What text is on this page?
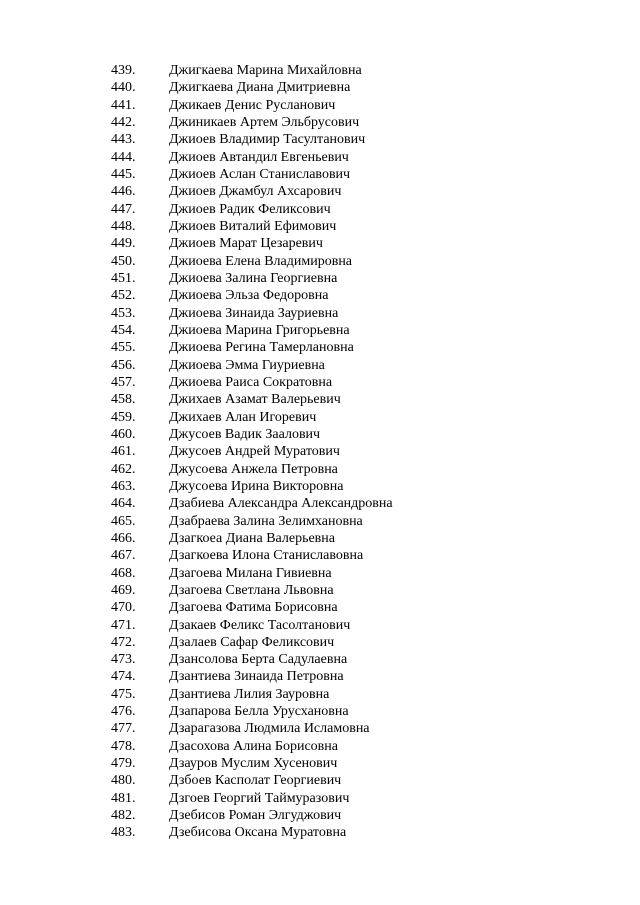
439. Джигкаева Марина Михайловна
440. Джигкаева Диана Дмитриевна
441. Джикаев Денис Русланович
442. Джиникаев Артем Эльбрусович
443. Джиоев Владимир Тасултанович
444. Джиоев Автандил Евгеньевич
445. Джиоев Аслан Станиславович
446. Джиоев Джамбул Ахсарович
447. Джиоев Радик Феликсович
448. Джиоев Виталий Ефимович
449. Джиоев Марат Цезаревич
450. Джиоева Елена Владимировна
451. Джиоева Залина Георгиевна
452. Джиоева Эльза Федоровна
453. Джиоева Зинаида Зауриевна
454. Джиоева Марина Григорьевна
455. Джиоева Регина Тамерлановна
456. Джиоева Эмма Гиуриевна
457. Джиоева Раиса Сократовна
458. Джихаев Азамат Валерьевич
459. Джихаев Алан Игоревич
460. Джусоев Вадик Заалович
461. Джусоев Андрей Муратович
462. Джусоева Анжела Петровна
463. Джусоева Ирина Викторовна
464. Дзабиева Александра Александровна
465. Дзабраева Залина Зелимхановна
466. Дзагкоеа Диана Валерьевна
467. Дзагкоева Илона Станиславовна
468. Дзагоева Милана Гивиевна
469. Дзагоева Светлана Львовна
470. Дзагоева Фатима Борисовна
471. Дзакаев Феликс Тасолтанович
472. Дзалаев Сафар Феликсович
473. Дзансолова Берта Садулаевна
474. Дзантиева Зинаида Петровна
475. Дзантиева Лилия Зауровна
476. Дзапарова Белла Урусхановна
477. Дзарагазова Людмила Исламовна
478. Дзасохова Алина Борисовна
479. Дзауров Муслим Хусенович
480. Дзбоев Касполат Георгиевич
481. Дзгоев Георгий Таймуразович
482. Дзебисов Роман Элгуджович
483. Дзебисова Оксана Муратовна
